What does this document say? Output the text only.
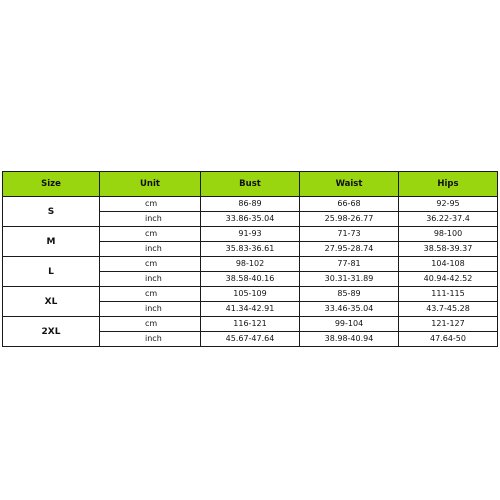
Size	Unit	Bust	Waist	Hips
S	cm	86-89	66-68	92-95
	inch	33.86-35.04	25.98-26.77	36.22-37.4
M	cm	91-93	71-73	98-100
	inch	35.83-36.61	27.95-28.74	38.58-39.37
L	cm	98-102	77-81	104-108
	inch	38.58-40.16	30.31-31.89	40.94-42.52
XL	cm	105-109	85-89	111-115
	inch	41.34-42.91	33.46-35.04	43.7-45.28
2XL	cm	116-121	99-104	121-127
	inch	45.67-47.64	38.98-40.94	47.64-50
